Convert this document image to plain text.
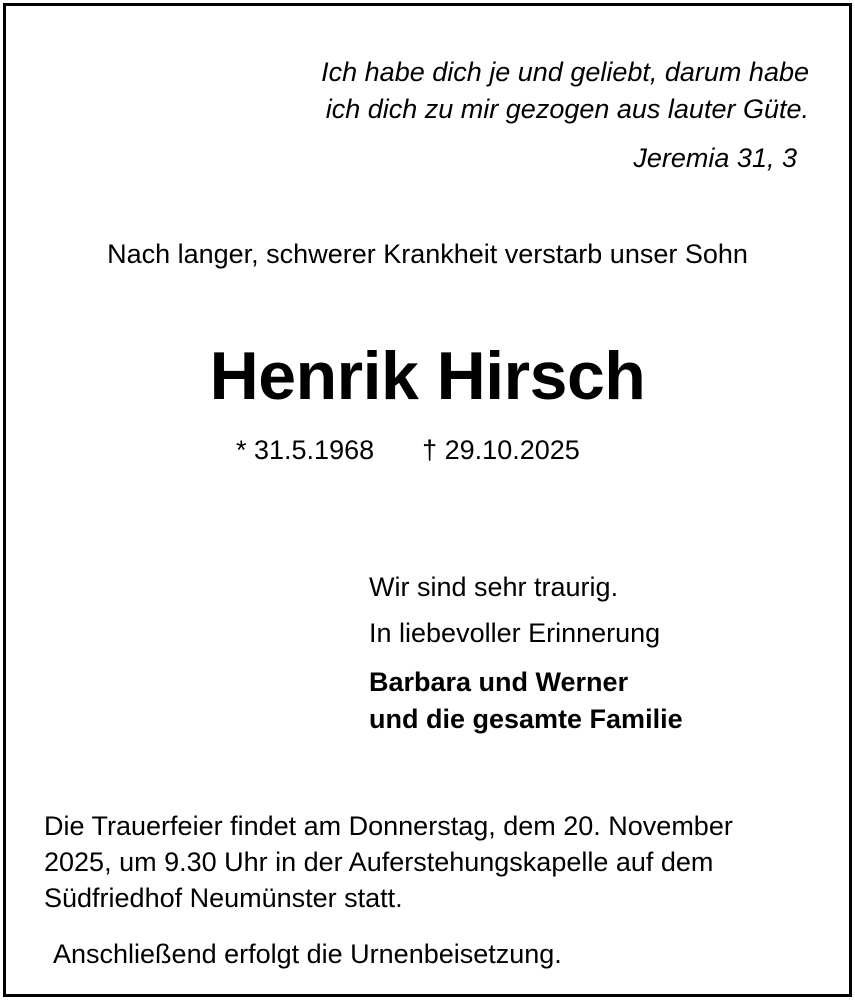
Ich habe dich je und geliebt, darum habe
ich dich zu mir gezogen aus lauter Güte.
Jeremia 31, 3
Nach langer, schwerer Krankheit verstarb unser Sohn
Henrik Hirsch
* 31.5.1968 † 29.10.2025
Wir sind sehr traurig.
In liebevoller Erinnerung
Barbara und Werner
und die gesamte Familie
Die Trauerfeier findet am Donnerstag, dem 20. November
2025, um 9.30 Uhr in der Auferstehungskapelle auf dem
Südfriedhof Neumünster statt.
Anschließend erfolgt die Urnenbeisetzung.
